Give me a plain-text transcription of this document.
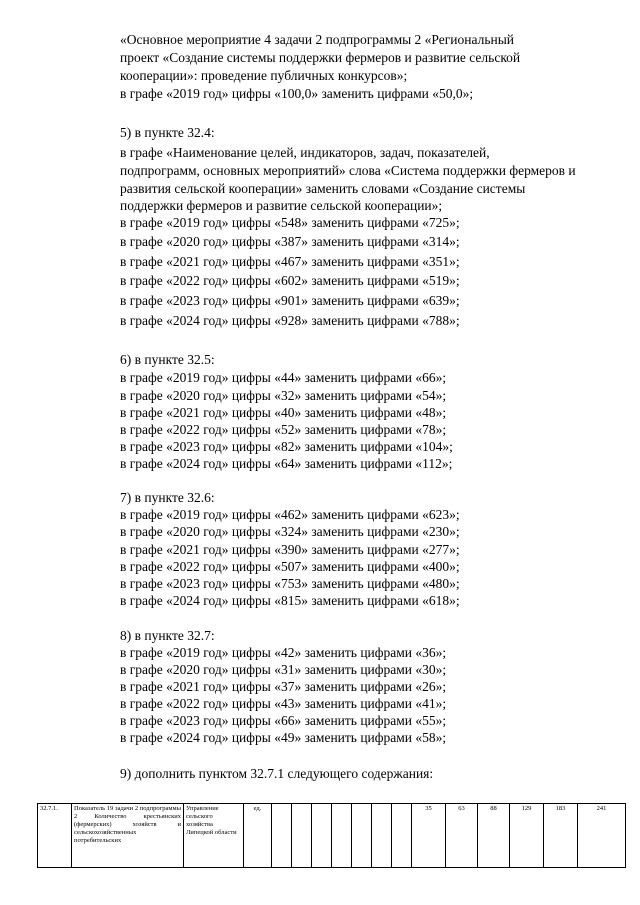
«Основное мероприятие 4 задачи 2 подпрограммы 2 «Региональный
проект «Создание системы поддержки фермеров и развитие сельской
кооперации»: проведение публичных конкурсов»;
в графе «2019 год» цифры «100,0» заменить цифрами «50,0»;
5) в пункте 32.4:
в графе «Наименование целей, индикаторов, задач, показателей,
подпрограмм, основных мероприятий» слова «Система поддержки фермеров и
развития сельской кооперации» заменить словами «Создание системы
поддержки фермеров и развитие сельской кооперации»;
в графе «2019 год» цифры «548» заменить цифрами «725»;
в графе «2020 год» цифры «387» заменить цифрами «314»;
в графе «2021 год» цифры «467» заменить цифрами «351»;
в графе «2022 год» цифры «602» заменить цифрами «519»;
в графе «2023 год» цифры «901» заменить цифрами «639»;
в графе «2024 год» цифры «928» заменить цифрами «788»;
6) в пункте 32.5:
в графе «2019 год» цифры «44» заменить цифрами «66»;
в графе «2020 год» цифры «32» заменить цифрами «54»;
в графе «2021 год» цифры «40» заменить цифрами «48»;
в графе «2022 год» цифры «52» заменить цифрами «78»;
в графе «2023 год» цифры «82» заменить цифрами «104»;
в графе «2024 год» цифры «64» заменить цифрами «112»;
7) в пункте 32.6:
в графе «2019 год» цифры «462» заменить цифрами «623»;
в графе «2020 год» цифры «324» заменить цифрами «230»;
в графе «2021 год» цифры «390» заменить цифрами «277»;
в графе «2022 год» цифры «507» заменить цифрами «400»;
в графе «2023 год» цифры «753» заменить цифрами «480»;
в графе «2024 год» цифры «815» заменить цифрами «618»;
8) в пункте 32.7:
в графе «2019 год» цифры «42» заменить цифрами «36»;
в графе «2020 год» цифры «31» заменить цифрами «30»;
в графе «2021 год» цифры «37» заменить цифрами «26»;
в графе «2022 год» цифры «43» заменить цифрами «41»;
в графе «2023 год» цифры «66» заменить цифрами «55»;
в графе «2024 год» цифры «49» заменить цифрами «58»;
9) дополнить пунктом 32.7.1 следующего содержания:
32.7.1.	Показатель 19 задачи 2 подпрограммы 2 Количество крестьянских (фермерских) хозяйств и сельскохозяйственных потребительских	Управление сельского хозяйства Липецкой области	ед.								35	63	88	129	183	241
